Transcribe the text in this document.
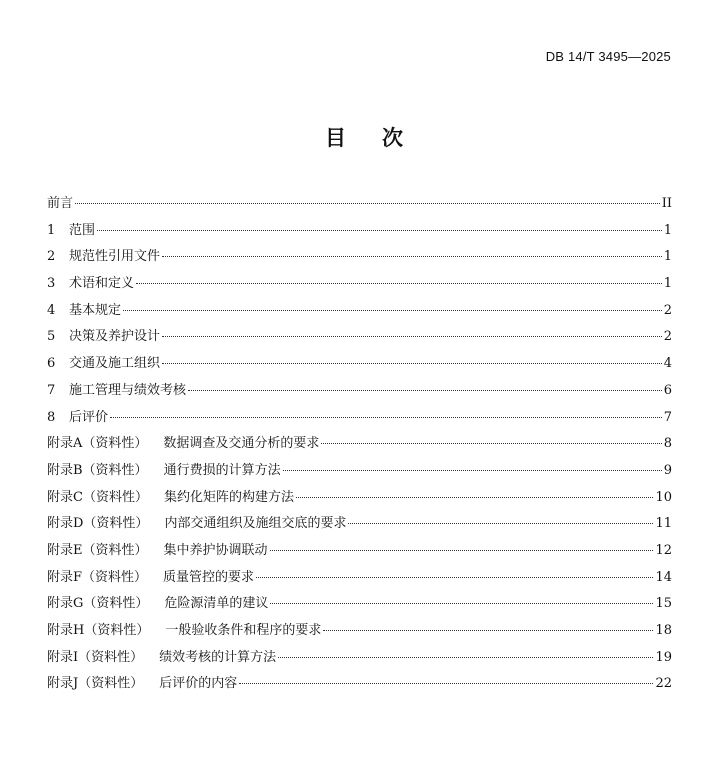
DB 14/T 3495—2025
目次
前言	II
1	范围	1
2	规范性引用文件	1
3	术语和定义	1
4	基本规定	2
5	决策及养护设计	2
6	交通及施工组织	4
7	施工管理与绩效考核	6
8	后评价	7
附录A（资料性）	数据调查及交通分析的要求	8
附录B（资料性）	通行费损的计算方法	9
附录C（资料性）	集约化矩阵的构建方法	10
附录D（资料性）	内部交通组织及施组交底的要求	11
附录E（资料性）	集中养护协调联动	12
附录F（资料性）	质量管控的要求	14
附录G（资料性）	危险源清单的建议	15
附录H（资料性）	一般验收条件和程序的要求	18
附录I（资料性）	绩效考核的计算方法	19
附录J（资料性）	后评价的内容	22
